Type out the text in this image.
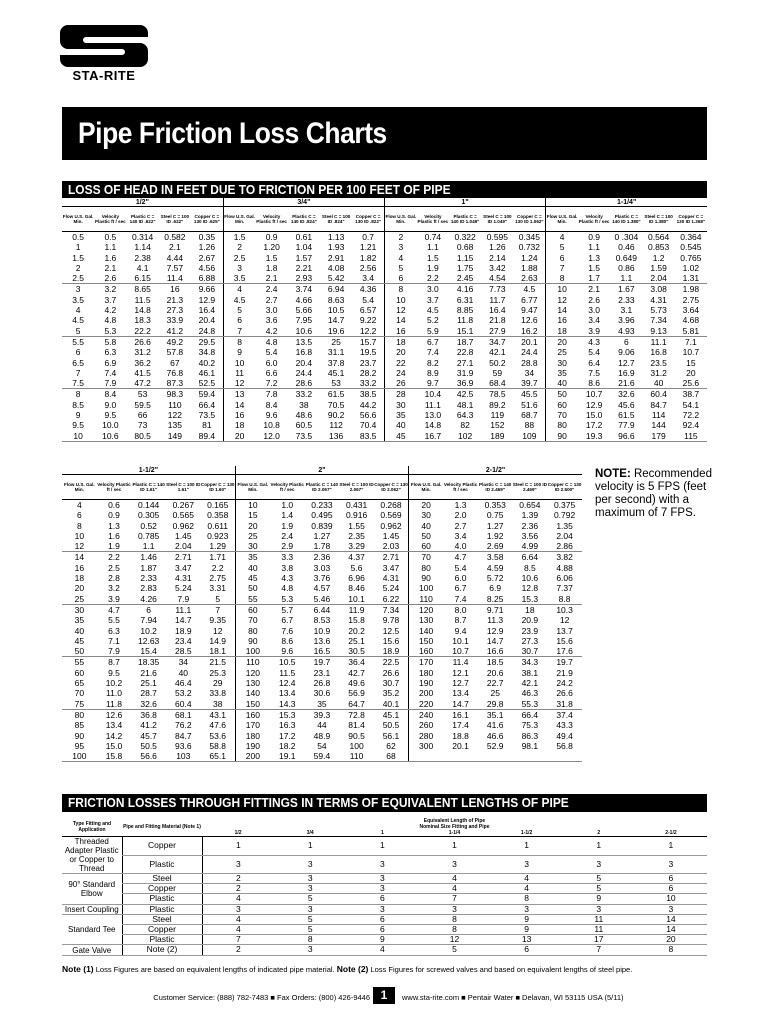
STA-RITE
Pipe Friction Loss Charts
LOSS OF HEAD IN FEET DUE TO FRICTION PER 100 FEET OF PIPE
1/2"					3/4"					1"					1-1/4"				
Flow U.S. Gal. Min.	Velocity Plastic ft / sec	Plastic C = 140 ID .622"	Steel C = 100 ID .622"	Copper C = 130 ID .625"	Flow U.S. Gal. Min.	Velocity Plastic ft / sec	Plastic C = 140 ID .824"	Steel C = 100 ID .824"	Copper C = 130 ID .822"	Flow U.S. Gal. Min.	Velocity Plastic ft / sec	Plastic C = 140 ID 1.049"	Steel C = 100 ID 1.049"	Copper C = 130 ID 1.062"	Flow U.S. Gal. Min.	Velocity Plastic ft / sec	Plastic C = 140 ID 1.380"	Steel C = 100 ID 1.380"	Copper C = 130 ID 1.368"
0.5	0.5	0.314	0.582	0.35	1.5	0.9	0.61	1.13	0.7	2	0.74	0.322	0.595	0.345	4	0.9	0 .304	0.564	0.364
1	1.1	1.14	2.1	1.26	2	1.20	1.04	1.93	1.21	3	1.1	0.68	1.26	0.732	5	1.1	0.46	0.853	0.545
1.5	1.6	2.38	4.44	2.67	2.5	1.5	1.57	2.91	1.82	4	1.5	1.15	2.14	1.24	6	1.3	0.649	1.2	0.765
2	2.1	4.1	7.57	4.56	3	1.8	2.21	4.08	2.56	5	1.9	1.75	3.42	1.88	7	1.5	0.86	1.59	1.02
2.5	2.6	6.15	11.4	6.88	3.5	2.1	2.93	5.42	3.4	6	2.2	2.45	4.54	2.63	8	1.7	1.1	2.04	1.31
3	3.2	8.65	16	9.66	4	2.4	3.74	6.94	4.36	8	3.0	4.16	7.73	4.5	10	2.1	1.67	3.08	1.98
3.5	3.7	11.5	21.3	12.9	4.5	2.7	4.66	8.63	5.4	10	3.7	6.31	11.7	6.77	12	2.6	2.33	4.31	2.75
4	4.2	14.8	27.3	16.4	5	3.0	5.66	10.5	6.57	12	4.5	8.85	16.4	9.47	14	3.0	3.1	5.73	3.64
4.5	4.8	18.3	33.9	20.4	6	3.6	7.95	14.7	9.22	14	5.2	11.8	21.8	12.6	16	3.4	3.96	7.34	4.68
5	5.3	22.2	41.2	24.8	7	4.2	10.6	19.6	12.2	16	5.9	15.1	27.9	16.2	18	3.9	4.93	9.13	5.81
5.5	5.8	26.6	49.2	29.5	8	4.8	13.5	25	15.7	18	6.7	18.7	34.7	20.1	20	4.3	6	11.1	7.1
6	6.3	31.2	57.8	34.8	9	5.4	16.8	31.1	19.5	20	7.4	22.8	42.1	24.4	25	5.4	9.06	16.8	10.7
6.5	6.9	36.2	67	40.2	10	6.0	20.4	37.8	23.7	22	8.2	27.1	50.2	28.8	30	6.4	12.7	23.5	15
7	7.4	41.5	76.8	46.1	11	6.6	24.4	45.1	28.2	24	8.9	31.9	59	34	35	7.5	16.9	31.2	20
7.5	7.9	47.2	87.3	52.5	12	7.2	28.6	53	33.2	26	9.7	36.9	68.4	39.7	40	8.6	21.6	40	25.6
8	8.4	53	98.3	59.4	13	7.8	33.2	61.5	38.5	28	10.4	42.5	78.5	45.5	50	10.7	32.6	60.4	38.7
8.5	9.0	59.5	110	66.4	14	8.4	38	70.5	44.2	30	11.1	48.1	89.2	51.6	60	12.9	45.6	84.7	54.1
9	9.5	66	122	73.5	16	9.6	48.6	90.2	56.6	35	13.0	64.3	119	68.7	70	15.0	61.5	114	72.2
9.5	10.0	73	135	81	18	10.8	60.5	112	70.4	40	14.8	82	152	88	80	17.2	77.9	144	92.4
10	10.6	80.5	149	89.4	20	12.0	73.5	136	83.5	45	16.7	102	189	109	90	19.3	96.6	179	115
1-1/2"					2"					2-1/2"				
Flow U.S. Gal. Min.	Velocity Plastic ft / sec	Plastic C = 140 ID 1.61"	Steel C = 100 ID 1.61"	Copper C = 130 ID 1.60"	Flow U.S. Gal. Min.	Velocity Plastic ft / sec	Plastic C = 140 ID 2.067"	Steel C = 100 ID 2.067"	Copper C = 130 ID 2.062"	Flow U.S. Gal. Min.	Velocity Plastic ft / sec	Plastic C = 140 ID 2.469"	Steel C = 100 ID 2.469"	Copper C = 130 ID 2.500"
4	0.6	0.144	0.267	0.165	10	1.0	0.233	0.431	0.268	20	1.3	0.353	0.654	0.375
6	0.9	0.305	0.565	0.358	15	1.4	0.495	0.916	0.569	30	2.0	0.75	1.39	0.792
8	1.3	0.52	0.962	0.611	20	1.9	0.839	1.55	0.962	40	2.7	1.27	2.36	1.35
10	1.6	0.785	1.45	0.923	25	2.4	1.27	2.35	1.45	50	3.4	1.92	3.56	2.04
12	1.9	1.1	2.04	1.29	30	2.9	1.78	3.29	2.03	60	4.0	2.69	4.99	2.86
14	2.2	1.46	2.71	1.71	35	3.3	2.36	4.37	2.71	70	4.7	3.58	6.64	3.82
16	2.5	1.87	3.47	2.2	40	3.8	3.03	5.6	3.47	80	5.4	4.59	8.5	4.88
18	2.8	2.33	4.31	2.75	45	4.3	3.76	6.96	4.31	90	6.0	5.72	10.6	6.06
20	3.2	2.83	5.24	3.31	50	4.8	4.57	8.46	5.24	100	6.7	6.9	12.8	7.37
25	3.9	4.26	7.9	5	55	5.3	5.46	10.1	6.22	110	7.4	8.25	15.3	8.8
30	4.7	6	11.1	7	60	5.7	6.44	11.9	7.34	120	8.0	9.71	18	10.3
35	5.5	7.94	14.7	9.35	70	6.7	8.53	15.8	9.78	130	8.7	11.3	20.9	12
40	6.3	10.2	18.9	12	80	7.6	10.9	20.2	12.5	140	9.4	12.9	23.9	13.7
45	7.1	12.63	23.4	14.9	90	8.6	13.6	25.1	15.6	150	10.1	14.7	27.3	15.6
50	7.9	15.4	28.5	18.1	100	9.6	16.5	30.5	18.9	160	10.7	16.6	30.7	17.6
55	8.7	18.35	34	21.5	110	10.5	19.7	36.4	22.5	170	11.4	18.5	34.3	19.7
60	9.5	21.6	40	25.3	120	11.5	23.1	42.7	26.6	180	12.1	20.6	38.1	21.9
65	10.2	25.1	46.4	29	130	12.4	26.8	49.6	30.7	190	12.7	22.7	42.1	24.2
70	11.0	28.7	53.2	33.8	140	13.4	30.6	56.9	35.2	200	13.4	25	46.3	26.6
75	11.8	32.6	60.4	38	150	14.3	35	64.7	40.1	220	14.7	29.8	55.3	31.8
80	12.6	36.8	68.1	43.1	160	15.3	39.3	72.8	45.1	240	16.1	35.1	66.4	37.4
85	13.4	41.2	76.2	47.6	170	16.3	44	81.4	50.5	260	17.4	41.6	75.3	43.3
90	14.2	45.7	84.7	53.6	180	17.2	48.9	90.5	56.1	280	18.8	46.6	86.3	49.4
95	15.0	50.5	93.6	58.8	190	18.2	54	100	62	300	20.1	52.9	98.1	56.8
100	15.8	56.6	103	65.1	200	19.1	59.4	110	68					
NOTE: Recommended velocity is 5 FPS (feet per second) with a maximum of 7 FPS.
FRICTION LOSSES THROUGH FITTINGS IN TERMS OF EQUIVALENT LENGTHS OF PIPE
Type Fitting and Application	Pipe and Fitting Material (Note 1)	Equivalent Length of Pipe						
		Nominal Size Fitting and Pipe						
		1/2	3/4	1	1-1/4	1-1/2	2	2-1/2
Threaded Adapter Plastic or Copper to Thread	Copper	1	1	1	1	1	1	1
	Plastic	3	3	3	3	3	3	3
90° Standard Elbow	Steel	2	3	3	4	4	5	6
	Copper	2	3	3	4	4	5	6
	Plastic	4	5	6	7	8	9	10
Insert Coupling	Plastic	3	3	3	3	3	3	3
Standard Tee	Steel	4	5	6	8	9	11	14
	Copper	4	5	6	8	9	11	14
	Plastic	7	8	9	12	13	17	20
Gate Valve	Note (2)	2	3	4	5	6	7	8
Note (1) Loss Figures are based on equivalent lengths of indicated pipe material. Note (2) Loss Figures for screwed valves and based on equivalent lengths of steel pipe.
Customer Service: (888) 782-7483 ■ Fax Orders: (800) 426-9446 1	www.sta-rite.com ■ Pentair Water ■ Delavan, WI 53115 USA (5/11)
